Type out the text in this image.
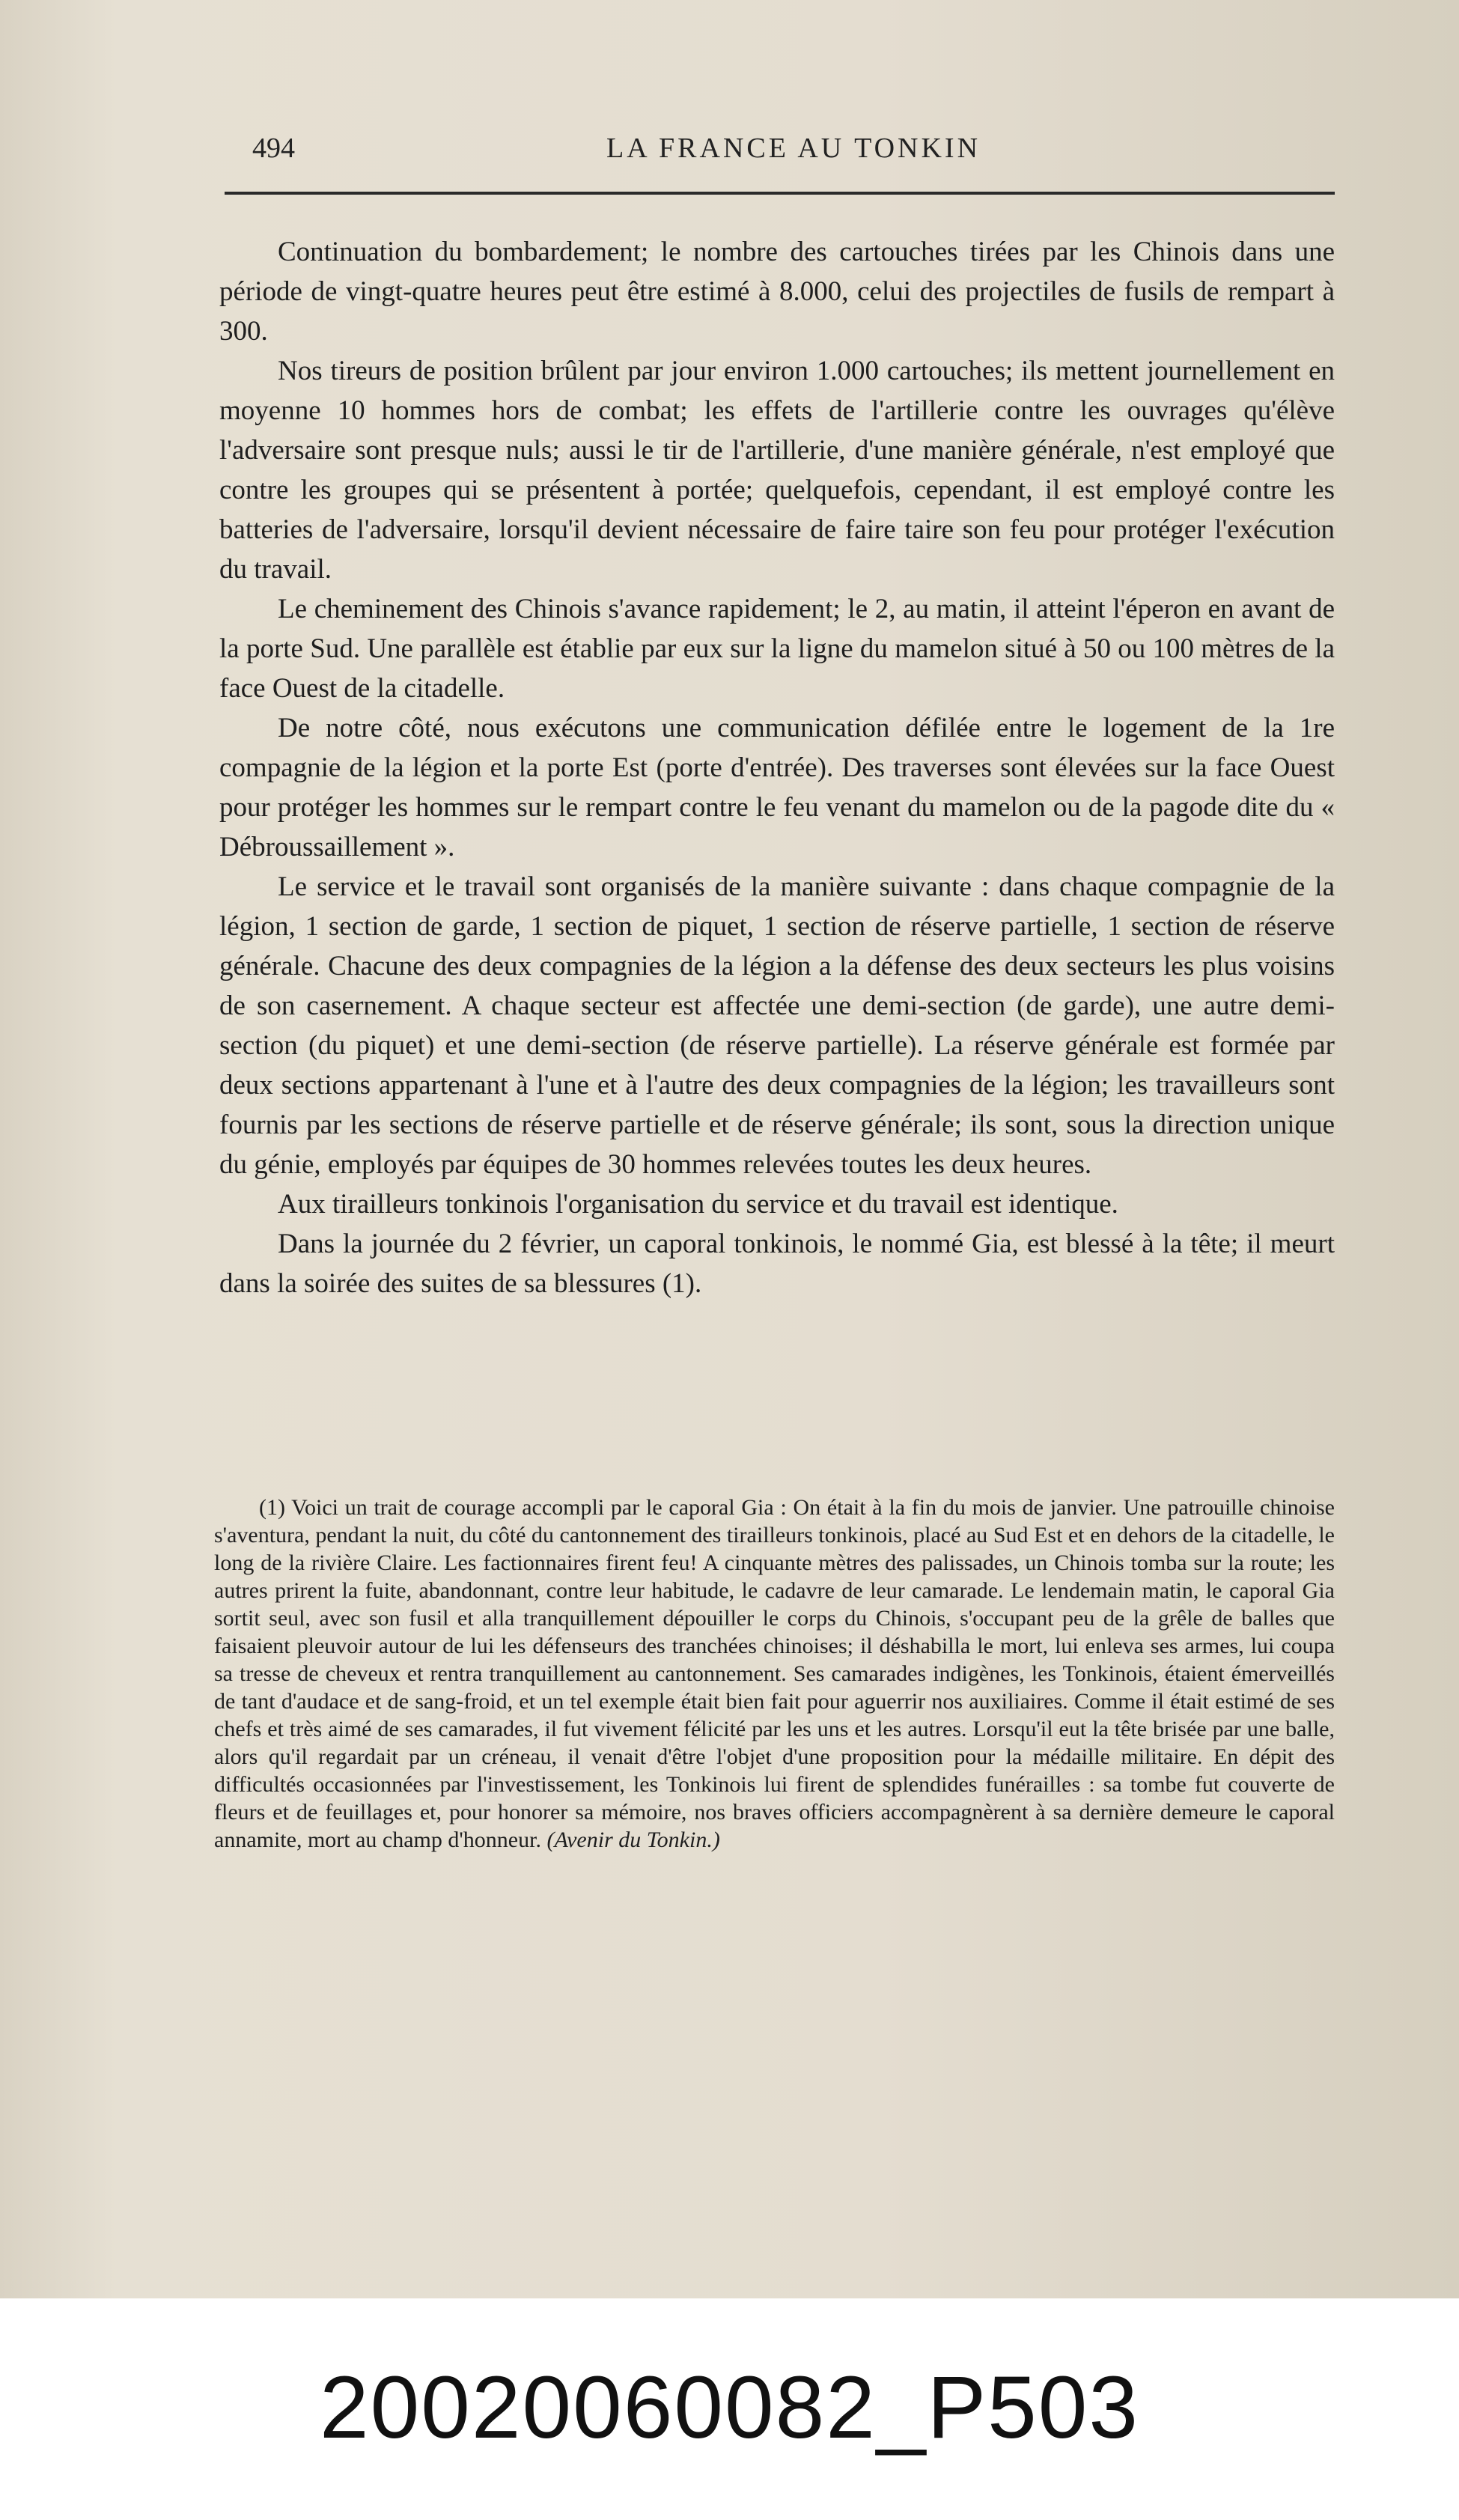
494	LA FRANCE AU TONKIN

Continuation du bombardement; le nombre des cartouches tirées par les Chinois dans une période de vingt-quatre heures peut être estimé à 8.000, celui des projectiles de fusils de rempart à 300.

Nos tireurs de position brûlent par jour environ 1.000 cartouches; ils mettent journellement en moyenne 10 hommes hors de combat; les effets de l'artillerie contre les ouvrages qu'élève l'adversaire sont presque nuls; aussi le tir de l'artillerie, d'une manière générale, n'est employé que contre les groupes qui se présentent à portée; quelquefois, cependant, il est employé contre les batteries de l'adversaire, lorsqu'il devient nécessaire de faire taire son feu pour protéger l'exécution du travail.

Le cheminement des Chinois s'avance rapidement; le 2, au matin, il atteint l'éperon en avant de la porte Sud. Une parallèle est établie par eux sur la ligne du mamelon situé à 50 ou 100 mètres de la face Ouest de la citadelle.

De notre côté, nous exécutons une communication défilée entre le logement de la 1re compagnie de la légion et la porte Est (porte d'entrée). Des traverses sont élevées sur la face Ouest pour protéger les hommes sur le rempart contre le feu venant du mamelon ou de la pagode dite du « Débroussaillement ».

Le service et le travail sont organisés de la manière suivante : dans chaque compagnie de la légion, 1 section de garde, 1 section de piquet, 1 section de réserve partielle, 1 section de réserve générale. Chacune des deux compagnies de la légion a la défense des deux secteurs les plus voisins de son casernement. A chaque secteur est affectée une demi-section (de garde), une autre demi-section (du piquet) et une demi-section (de réserve partielle). La réserve générale est formée par deux sections appartenant à l'une et à l'autre des deux compagnies de la légion; les travailleurs sont fournis par les sections de réserve partielle et de réserve générale; ils sont, sous la direction unique du génie, employés par équipes de 30 hommes relevées toutes les deux heures.

Aux tirailleurs tonkinois l'organisation du service et du travail est identique.

Dans la journée du 2 février, un caporal tonkinois, le nommé Gia, est blessé à la tête; il meurt dans la soirée des suites de sa blessures (1).

(1) Voici un trait de courage accompli par le caporal Gia : On était à la fin du mois de janvier. Une patrouille chinoise s'aventura, pendant la nuit, du côté du cantonnement des tirailleurs tonkinois, placé au Sud Est et en dehors de la citadelle, le long de la rivière Claire. Les factionnaires firent feu! A cinquante mètres des palissades, un Chinois tomba sur la route; les autres prirent la fuite, abandonnant, contre leur habitude, le cadavre de leur camarade. Le lendemain matin, le caporal Gia sortit seul, avec son fusil et alla tranquillement dépouiller le corps du Chinois, s'occupant peu de la grêle de balles que faisaient pleuvoir autour de lui les défenseurs des tranchées chinoises; il déshabilla le mort, lui enleva ses armes, lui coupa sa tresse de cheveux et rentra tranquillement au cantonnement. Ses camarades indigènes, les Tonkinois, étaient émerveillés de tant d'audace et de sang-froid, et un tel exemple était bien fait pour aguerrir nos auxiliaires. Comme il était estimé de ses chefs et très aimé de ses camarades, il fut vivement félicité par les uns et les autres. Lorsqu'il eut la tête brisée par une balle, alors qu'il regardait par un créneau, il venait d'être l'objet d'une proposition pour la médaille militaire. En dépit des difficultés occasionnées par l'investissement, les Tonkinois lui firent de splendides funérailles : sa tombe fut couverte de fleurs et de feuillages et, pour honorer sa mémoire, nos braves officiers accompagnèrent à sa dernière demeure le caporal annamite, mort au champ d'honneur. (Avenir du Tonkin.)

20020060082_P503
